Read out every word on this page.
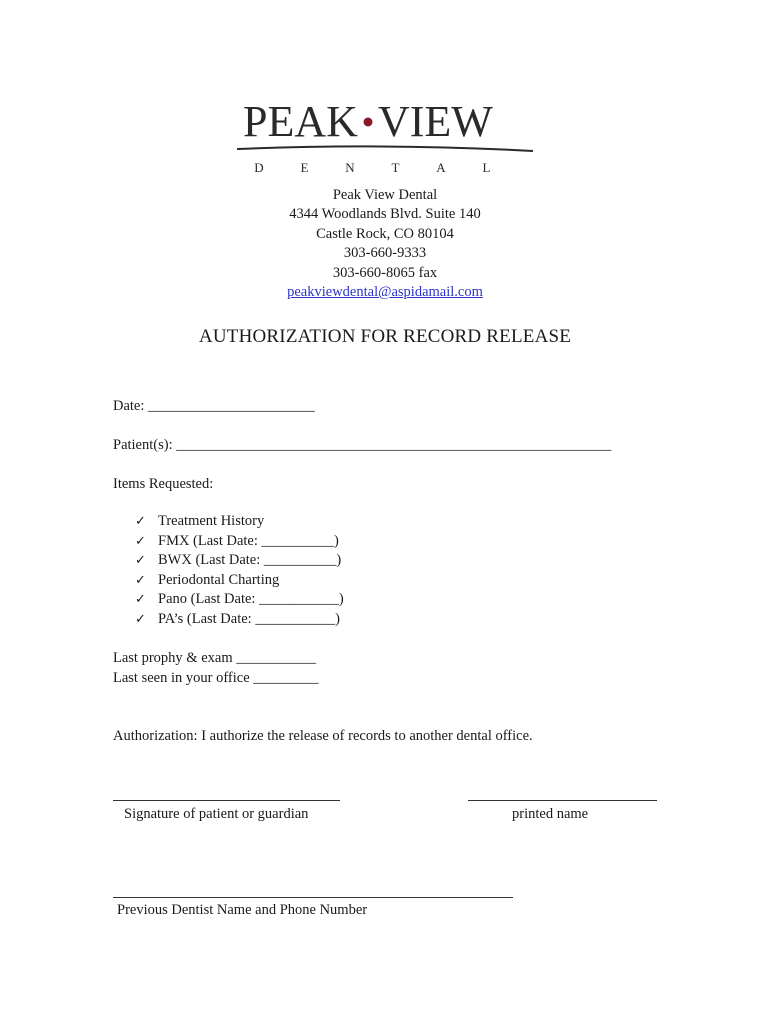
PEAK VIEW
D	E	N	T	A	L
Peak View Dental
4344 Woodlands Blvd. Suite 140
Castle Rock, CO 80104
303-660-9333
303-660-8065 fax
peakviewdental@aspidamail.com
AUTHORIZATION FOR RECORD RELEASE
Date: _______________________
Patient(s): ____________________________________________________________
Items Requested:
✓ Treatment History
✓ FMX (Last Date: __________)
✓ BWX (Last Date: __________)
✓ Periodontal Charting
✓ Pano (Last Date: ___________)
✓ PA’s (Last Date: ___________)
Last prophy & exam ___________
Last seen in your office _________
Authorization: I authorize the release of records to another dental office.
Signature of patient or guardian	printed name
Previous Dentist Name and Phone Number
